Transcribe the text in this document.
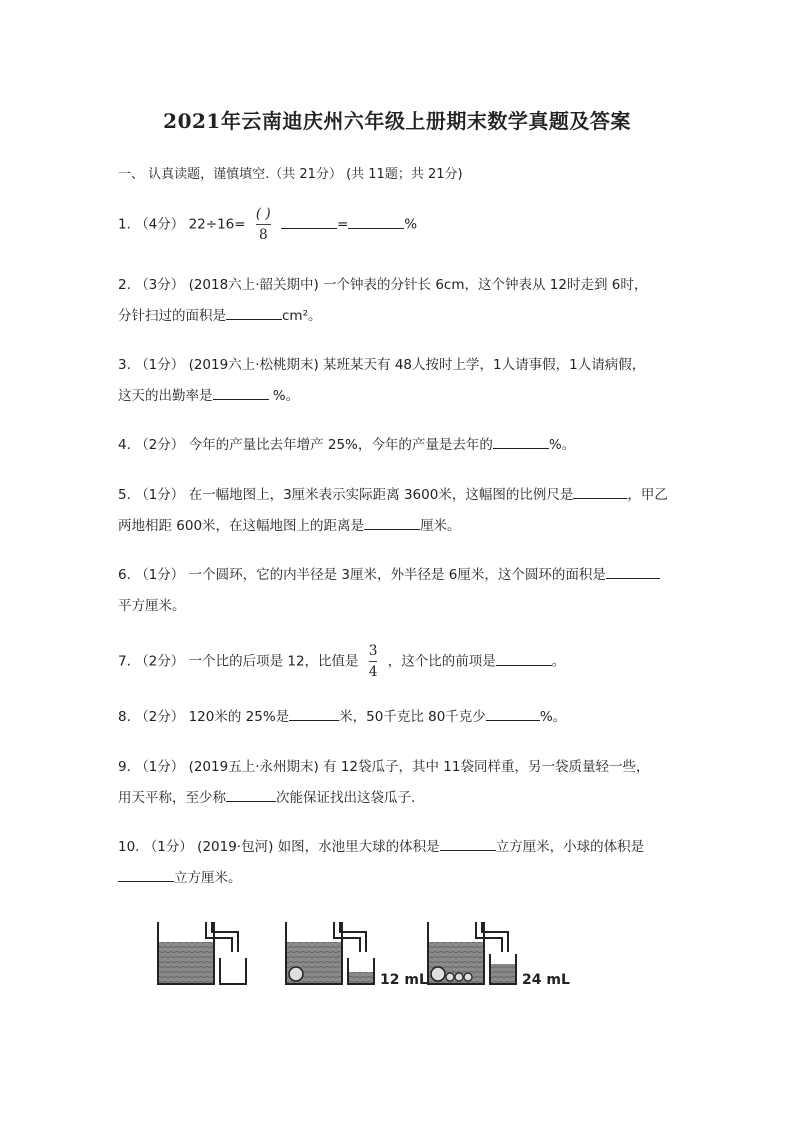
2021年云南迪庆州六年级上册期末数学真题及答案
一、 认真读题，谨慎填空.（共 21分） (共 11题；共 21分)
1. （4分） $22\div 16= \frac{( )}{8}$	=	%
2. （3分） (2018六上·韶关期中) 一个钟表的分针长 6cm，这个钟表从 12时走到 6时，
分针扫过的面积是	cm²。
3. （1分） (2019六上·松桃期末) 某班某天有 48人按时上学，1人请事假，1人请病假，
这天的出勤率是	%。
4. （2分） 今年的产量比去年增产 25%，今年的产量是去年的	%。
5. （1分） 在一幅地图上，3厘米表示实际距离 3600米，这幅图的比例尺是	，甲乙
两地相距 600米，在这幅地图上的距离是	厘米。
6. （1分） 一个圆环，它的内半径是 3厘米，外半径是 6厘米，这个圆环的面积是
平方厘米。
7. （2分） 一个比的后项是 12，比值是 $\frac{3}{4}$ ，这个比的前项是	。
8. （2分） 120米的 25%是	米，50千克比 80千克少	%。
9. （1分） (2019五上·永州期末) 有 12袋瓜子，其中 11袋同样重，另一袋质量轻一些，
用天平称，至少称	次能保证找出这袋瓜子.
10. （1分） (2019·包河) 如图，水池里大球的体积是	立方厘米，小球的体积是
立方厘米。
12 mL	24 mL
